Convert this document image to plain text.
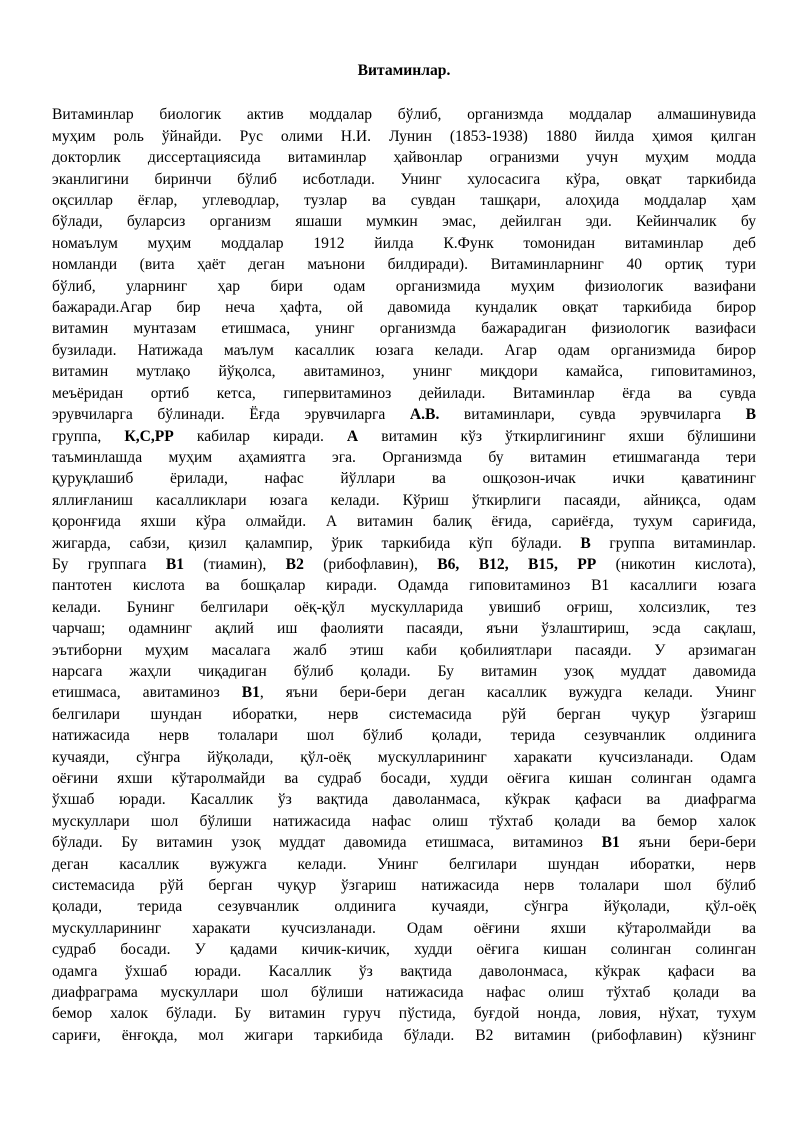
Витаминлар.
Витаминлар биологик актив моддалар бўлиб, организмда моддалар алмашинувида
муҳим роль ўйнайди. Рус олими Н.И. Лунин (1853-1938) 1880 йилда ҳимоя қилган
докторлик диссертациясида витаминлар ҳайвонлар огранизми учун муҳим модда
эканлигини биринчи бўлиб исботлади. Унинг хулосасига кўра, овқат таркибида
оқсиллар ёғлар, углеводлар, тузлар ва сувдан ташқари, алоҳида моддалар ҳам
бўлади, буларсиз организм яшаши мумкин эмас, дейилган эди. Кейинчалик бу
номаълум муҳим моддалар 1912 йилда К.Функ томонидан витаминлар деб
номланди (вита ҳаёт деган маънони билдиради). Витаминларнинг 40 ортиқ тури
бўлиб, уларнинг ҳар бири одам организмида муҳим физиологик вазифани
бажаради.Агар бир неча ҳафта, ой давомида кундалик овқат таркибида бирор
витамин мунтазам етишмаса, унинг организмда бажарадиган физиологик вазифаси
бузилади. Натижада маълум касаллик юзага келади. Агар одам организмида бирор
витамин мутлақо йўқолса, авитаминоз, унинг миқдори камайса, гиповитаминоз,
меъёридан ортиб кетса, гипервитаминоз дейилади. Витаминлар ёғда ва сувда
эрувчиларга бўлинади. Ёғда эрувчиларга А.В. витаминлари, сувда эрувчиларга В
группа, К,С,РР кабилар киради. А витамин кўз ўткирлигининг яхши бўлишини
таъминлашда муҳим аҳамиятга эга. Организмда бу витамин етишмаганда тери
қуруқлашиб ёрилади, нафас йўллари ва ошқозон-ичак ички қаватининг
яллиғланиш касалликлари юзага келади. Кўриш ўткирлиги пасаяди, айниқса, одам
қоронғида яхши кўра олмайди. А витамин балиқ ёғида, сариёғда, тухум сариғида,
жигарда, сабзи, қизил қалампир, ўрик таркибида кўп бўлади. В группа витаминлар.
Бу группага В1 (тиамин), В2 (рибофлавин), В6, В12, В15, РР (никотин кислота),
пантотен кислота ва бошқалар киради. Одамда гиповитаминоз В1 касаллиги юзага
келади. Бунинг белгилари оёқ-қўл мускулларида увишиб оғриш, холсизлик, тез
чарчаш; одамнинг ақлий иш фаолияти пасаяди, яъни ўзлаштириш, эсда сақлаш,
эътиборни муҳим масалага жалб этиш каби қобилиятлари пасаяди. У арзимаган
нарсага жаҳли чиқадиган бўлиб қолади. Бу витамин узоқ муддат давомида
етишмаса, авитаминоз В1, яъни бери-бери деган касаллик вужудга келади. Унинг
белгилари шундан иборатки, нерв системасида рўй берган чуқур ўзгариш
натижасида нерв толалари шол бўлиб қолади, терида сезувчанлик олдинига
кучаяди, сўнгра йўқолади, қўл-оёқ мускулларининг харакати кучсизланади. Одам
оёғини яхши кўтаролмайди ва судраб босади, худди оёғига кишан солинган одамга
ўхшаб юради. Касаллик ўз вақтида даволанмаса, кўкрак қафаси ва диафрагма
мускуллари шол бўлиши натижасида нафас олиш тўхтаб қолади ва бемор халок
бўлади. Бу витамин узоқ муддат давомида етишмаса, витаминоз В1 яъни бери-бери
деган касаллик вужужга келади. Унинг белгилари шундан иборатки, нерв
системасида рўй берган чуқур ўзгариш натижасида нерв толалари шол бўлиб
қолади, терида сезувчанлик олдинига кучаяди, сўнгра йўқолади, қўл-оёқ
мускулларининг харакати кучсизланади. Одам оёғини яхши кўтаролмайди ва
судраб босади. У қадами кичик-кичик, худди оёғига кишан солинган солинган
одамга ўхшаб юради. Касаллик ўз вақтида даволонмаса, кўкрак қафаси ва
диафраграма мускуллари шол бўлиши натижасида нафас олиш тўхтаб қолади ва
бемор халок бўлади. Бу витамин гуруч пўстида, буғдой нонда, ловия, нўхат, тухум
сариғи, ёнғоқда, мол жигари таркибида бўлади. В2 витамин (рибофлавин) кўзнинг
